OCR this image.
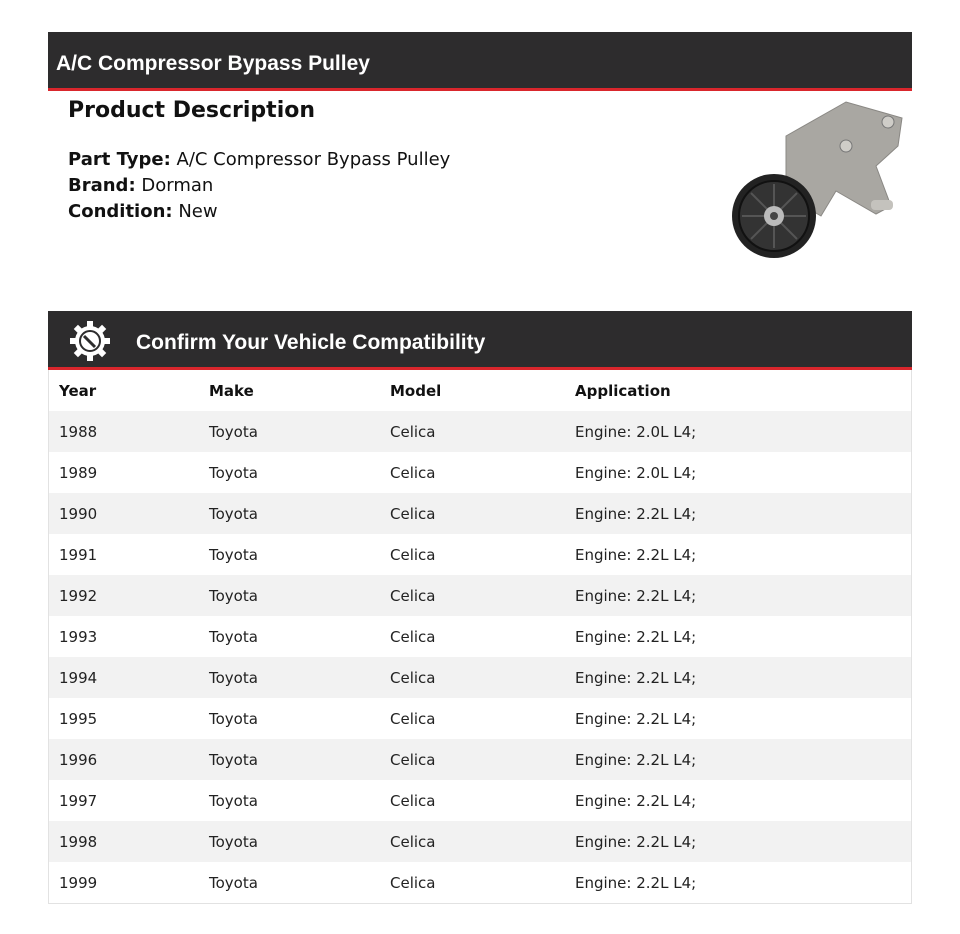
A/C Compressor Bypass Pulley
Product Description
Part Type: A/C Compressor Bypass Pulley
Brand: Dorman
Condition: New
Confirm Your Vehicle Compatibility
Year	Make	Model	Application
1988	Toyota	Celica	Engine: 2.0L L4;
1989	Toyota	Celica	Engine: 2.0L L4;
1990	Toyota	Celica	Engine: 2.2L L4;
1991	Toyota	Celica	Engine: 2.2L L4;
1992	Toyota	Celica	Engine: 2.2L L4;
1993	Toyota	Celica	Engine: 2.2L L4;
1994	Toyota	Celica	Engine: 2.2L L4;
1995	Toyota	Celica	Engine: 2.2L L4;
1996	Toyota	Celica	Engine: 2.2L L4;
1997	Toyota	Celica	Engine: 2.2L L4;
1998	Toyota	Celica	Engine: 2.2L L4;
1999	Toyota	Celica	Engine: 2.2L L4;
